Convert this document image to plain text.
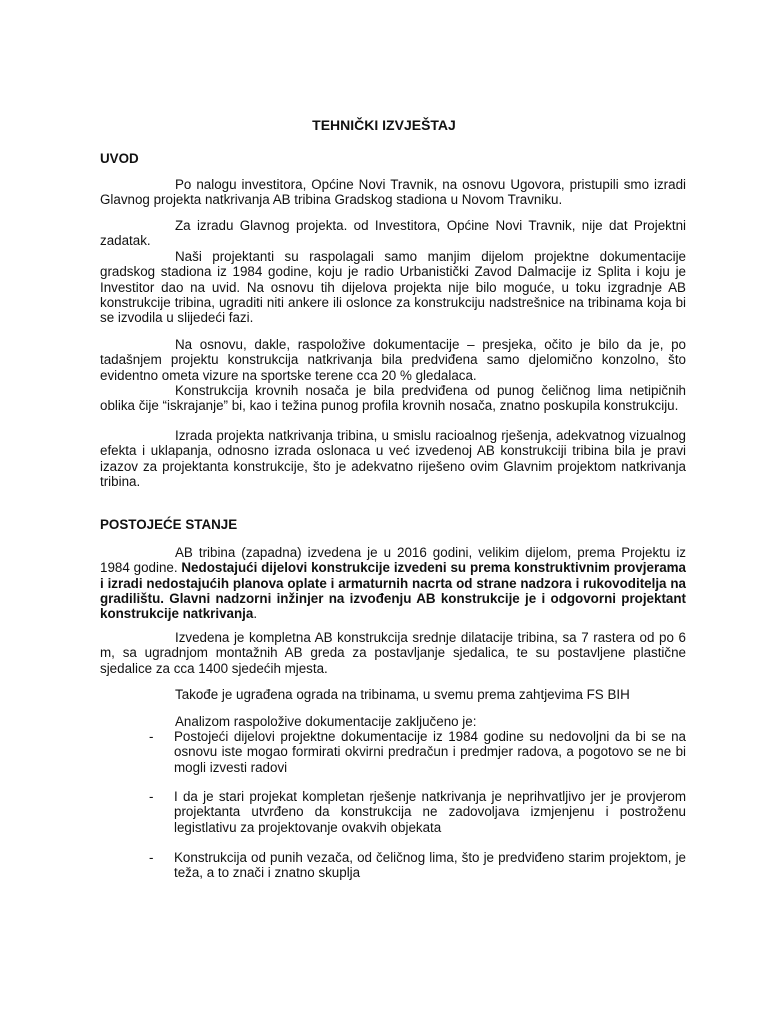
TEHNIČKI IZVJEŠTAJ
UVOD

Po nalogu investitora, Općine Novi Travnik, na osnovu Ugovora, pristupili smo izradi Glavnog projekta natkrivanja AB tribina Gradskog stadiona u Novom Travniku.

Za izradu Glavnog projekta. od Investitora, Općine Novi Travnik, nije dat Projektni zadatak.

Naši projektanti su raspolagali samo manjim dijelom projektne dokumentacije gradskog stadiona iz 1984 godine, koju je radio Urbanistički Zavod Dalmacije iz Splita i koju je Investitor dao na uvid. Na osnovu tih dijelova projekta nije bilo moguće, u toku izgradnje AB konstrukcije tribina, ugraditi niti ankere ili oslonce za konstrukciju nadstrešnice na tribinama koja bi se izvodila u slijedeći fazi.

Na osnovu, dakle, raspoložive dokumentacije – presjeka, očito je bilo da je, po tadašnjem projektu konstrukcija natkrivanja bila predviđena samo djelomično konzolno, što evidentno ometa vizure na sportske terene cca 20 % gledalaca.

Konstrukcija krovnih nosača je bila predviđena od punog čeličnog lima netipičnih oblika čije “iskrajanje” bi, kao i težina punog profila krovnih nosača, znatno poskupila konstrukciju.

Izrada projekta natkrivanja tribina, u smislu racioalnog rješenja, adekvatnog vizualnog efekta i uklapanja, odnosno izrada oslonaca u već izvedenoj AB konstrukciji tribina bila je pravi izazov za projektanta konstrukcije, što je adekvatno riješeno ovim Glavnim projektom natkrivanja tribina.

POSTOJEĆE STANJE

AB tribina (zapadna) izvedena je u 2016 godini, velikim dijelom, prema Projektu iz 1984 godine. Nedostajući dijelovi konstrukcije izvedeni su prema konstruktivnim provjerama i izradi nedostajućih planova oplate i armaturnih nacrta od strane nadzora i rukovoditelja na gradilištu. Glavni nadzorni inžinjer na izvođenju AB konstrukcije je i odgovorni projektant konstrukcije natkrivanja.

Izvedena je kompletna AB konstrukcija srednje dilatacije tribina, sa 7 rastera od po 6 m, sa ugradnjom montažnih AB greda za postavljanje sjedalica, te su postavljene plastične sjedalice za cca 1400 sjedećih mjesta.

Takođe je ugrađena ograda na tribinama, u svemu prema zahtjevima FS BIH

Analizom raspoložive dokumentacije zaključeno je:

- Postojeći dijelovi projektne dokumentacije iz 1984 godine su nedovoljni da bi se na osnovu iste mogao formirati okvirni predračun i predmjer radova, a pogotovo se ne bi mogli izvesti radovi

- I da je stari projekat kompletan rješenje natkrivanja je neprihvatljivo jer je provjerom projektanta utvrđeno da konstrukcija ne zadovoljava izmjenjenu i postroženu legistlativu za projektovanje ovakvih objekata

- Konstrukcija od punih vezača, od čeličnog lima, što je predviđeno starim projektom, je teža, a to znači i znatno skuplja
